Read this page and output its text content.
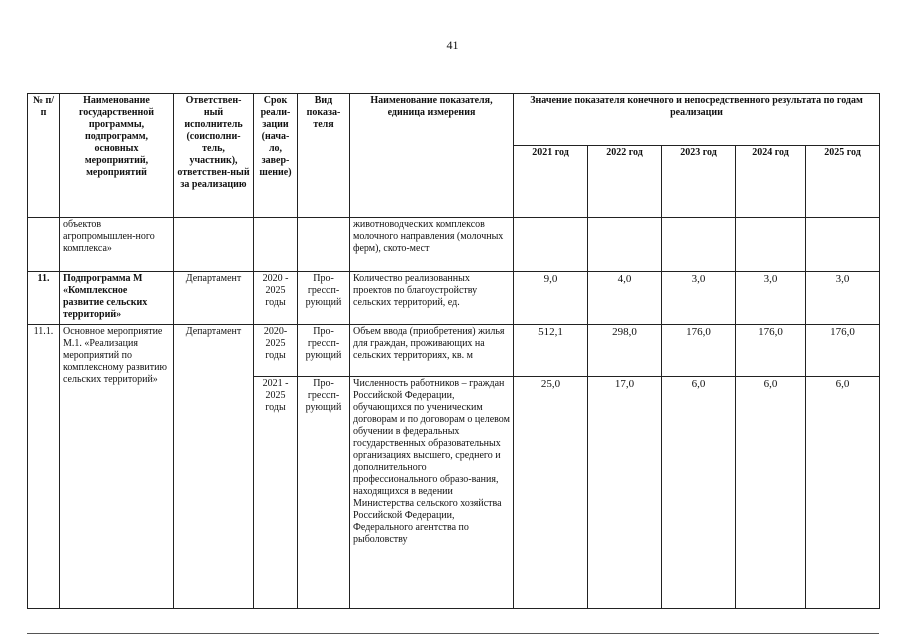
41
№ п/п	Наименование государственной программы, подпрограмм, основных мероприятий, мероприятий	Ответствен-ный исполнитель (соисполни-тель, участник), ответствен-ный за реализацию	Срок реали-зации (нача-ло, завер-шение)	Вид показа-теля	Наименование показателя, единица измерения	Значение показателя конечного и непосредственного результата по годам реализации				
						2021 год	2022 год	2023 год	2024 год	2025 год
	объектов агропромышлен-ного комплекса»				животноводческих комплексов молочного направления (молочных ферм), ското-мест					
11.	Подпрограмма М «Комплексное развитие сельских территорий»	Департамент	2020 - 2025 годы	Про-грессп-рующий	Количество реализованных проектов по благоустройству сельских территорий, ед.	9,0	4,0	3,0	3,0	3,0
11.1.	Основное мероприятие М.1. «Реализация мероприятий по комплексному развитию сельских территорий»	Департамент	2020- 2025 годы	Про-грессп-рующий	Объем ввода (приобретения) жилья для граждан, проживающих на сельских территориях, кв. м	512,1	298,0	176,0	176,0	176,0
			2021 - 2025 годы	Про-грессп-рующий	Численность работников – граждан Российской Федерации, обучающихся по ученическим договорам и по договорам о целевом обучении в федеральных государственных образовательных организациях высшего, среднего и дополнительного профессионального образо-вания, находящихся в ведении Министерства сельского хозяйства Российской Федерации, Федерального агентства по рыболовству	25,0	17,0	6,0	6,0	6,0
